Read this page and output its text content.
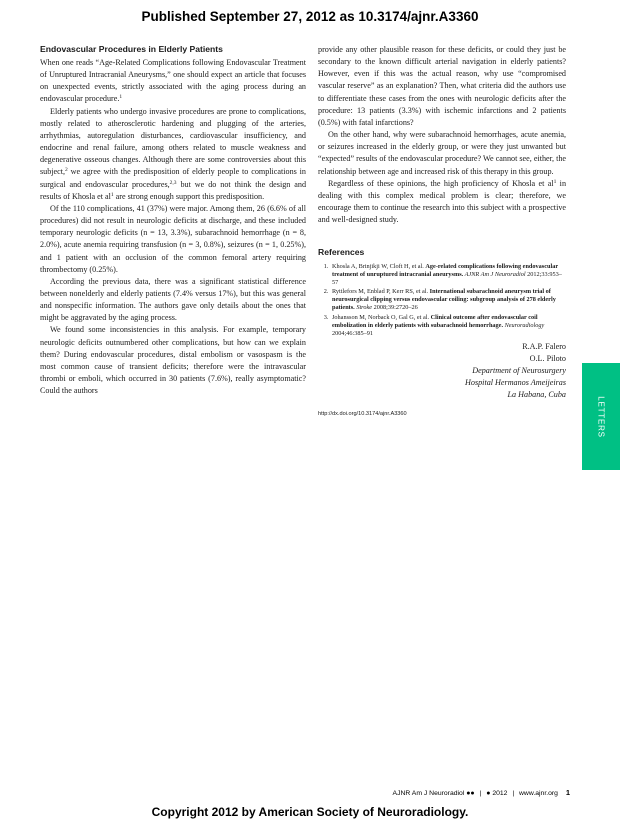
Published September 27, 2012 as 10.3174/ajnr.A3360
Endovascular Procedures in Elderly Patients

When one reads “Age-Related Complications following Endovascular Treatment of Unruptured Intracranial Aneurysms,” one should expect an article that focuses on unexpected events, strictly associated with the aging process during an endovascular procedure.$^1$

Elderly patients who undergo invasive procedures are prone to complications, mostly related to atherosclerotic hardening and plugging of the arteries, arrhythmias, autoregulation disturbances, cardiovascular insufficiency, and endocrine and renal failure, among others related to muscle weakness and degenerative osseous changes. Although there are some controversies about this subject,$^2$ we agree with the predisposition of elderly people to complications in surgical and endovascular procedures,$^{2,3}$ but we do not think the design and results of Khosla et $al^1$ are strong enough support this predisposition.

Of the 110 complications, 41 (37%) were major. Among them, 26 (6.6% of all procedures) did not result in neurologic deficits at discharge, and these included temporary neurologic deficits (n = 13, 3.3%), subarachnoid hemorrhage (n = 8, 2.0%), acute anemia requiring transfusion (n = 3, 0.8%), seizures (n = 1, 0.25%), and 1 patient with an occlusion of the common femoral artery requiring thrombectomy (0.25%).

According the previous data, there was a significant statistical difference between nonelderly and elderly patients (7.4% versus 17%), but this was general and nonspecific information. The authors gave only details about the ones that might be aggravated by the aging process.

We found some inconsistencies in this analysis. For example, temporary neurologic deficits outnumbered other complications, but how can we explain them? During endovascular procedures, distal embolism or vasospasm is the most common cause of transient deficits; therefore were the intravascular thrombi or emboli, which occurred in 30 patients (7.6%), really asymptomatic? Could the authors

provide any other plausible reason for these deficits, or could they just be secondary to the known difficult arterial navigation in elderly patients? However, even if this was the actual reason, why use “compromised vascular reserve” as an explanation? Then, what criteria did the authors use to differentiate these cases from the ones with neurologic deficits after the procedure: 13 patients (3.3%) with ischemic infarctions and 2 patients (0.5%) with fatal infarctions?

On the other hand, why were subarachnoid hemorrhages, acute anemia, or seizures increased in the elderly group, or were they just unwanted but “expected” results of the endovascular procedure? We cannot see, either, the relationship between age and increased risk of this therapy in this group.

Regardless of these opinions, the high proficiency of Khosla et $al^1$ in dealing with this complex medical problem is clear; therefore, we encourage them to continue the research into this subject with a prospective and well-designed study.

References
1. Khosla A, Brinjikji W, Cloft H, et al. Age-related complications following endovascular treatment of unruptured intracranial aneurysms. AJNR Am J Neuroradiol 2012;33:953–57
2. Ryttlefors M, Enblad P, Kerr RS, et al. International subarachnoid aneurysm trial of neurosurgical clipping versus endovascular coiling: subgroup analysis of 278 elderly patients. Stroke 2008;39:2720–26
3. Johansson M, Norback O, Gal G, et al. Clinical outcome after endovascular coil embolization in elderly patients with subarachnoid hemorrhage. Neuroradiology 2004;46:385–91
R.A.P. Falero
O.L. Piloto
Department of Neurosurgery
Hospital Hermanos Ameijeiras
La Habana, Cuba
http://dx.doi.org/10.3174/ajnr.A3360	LETTERS
AJNR Am J Neuroradiol ●● | ● 2012 | www.ajnr.org 1
Copyright 2012 by American Society of Neuroradiology.
